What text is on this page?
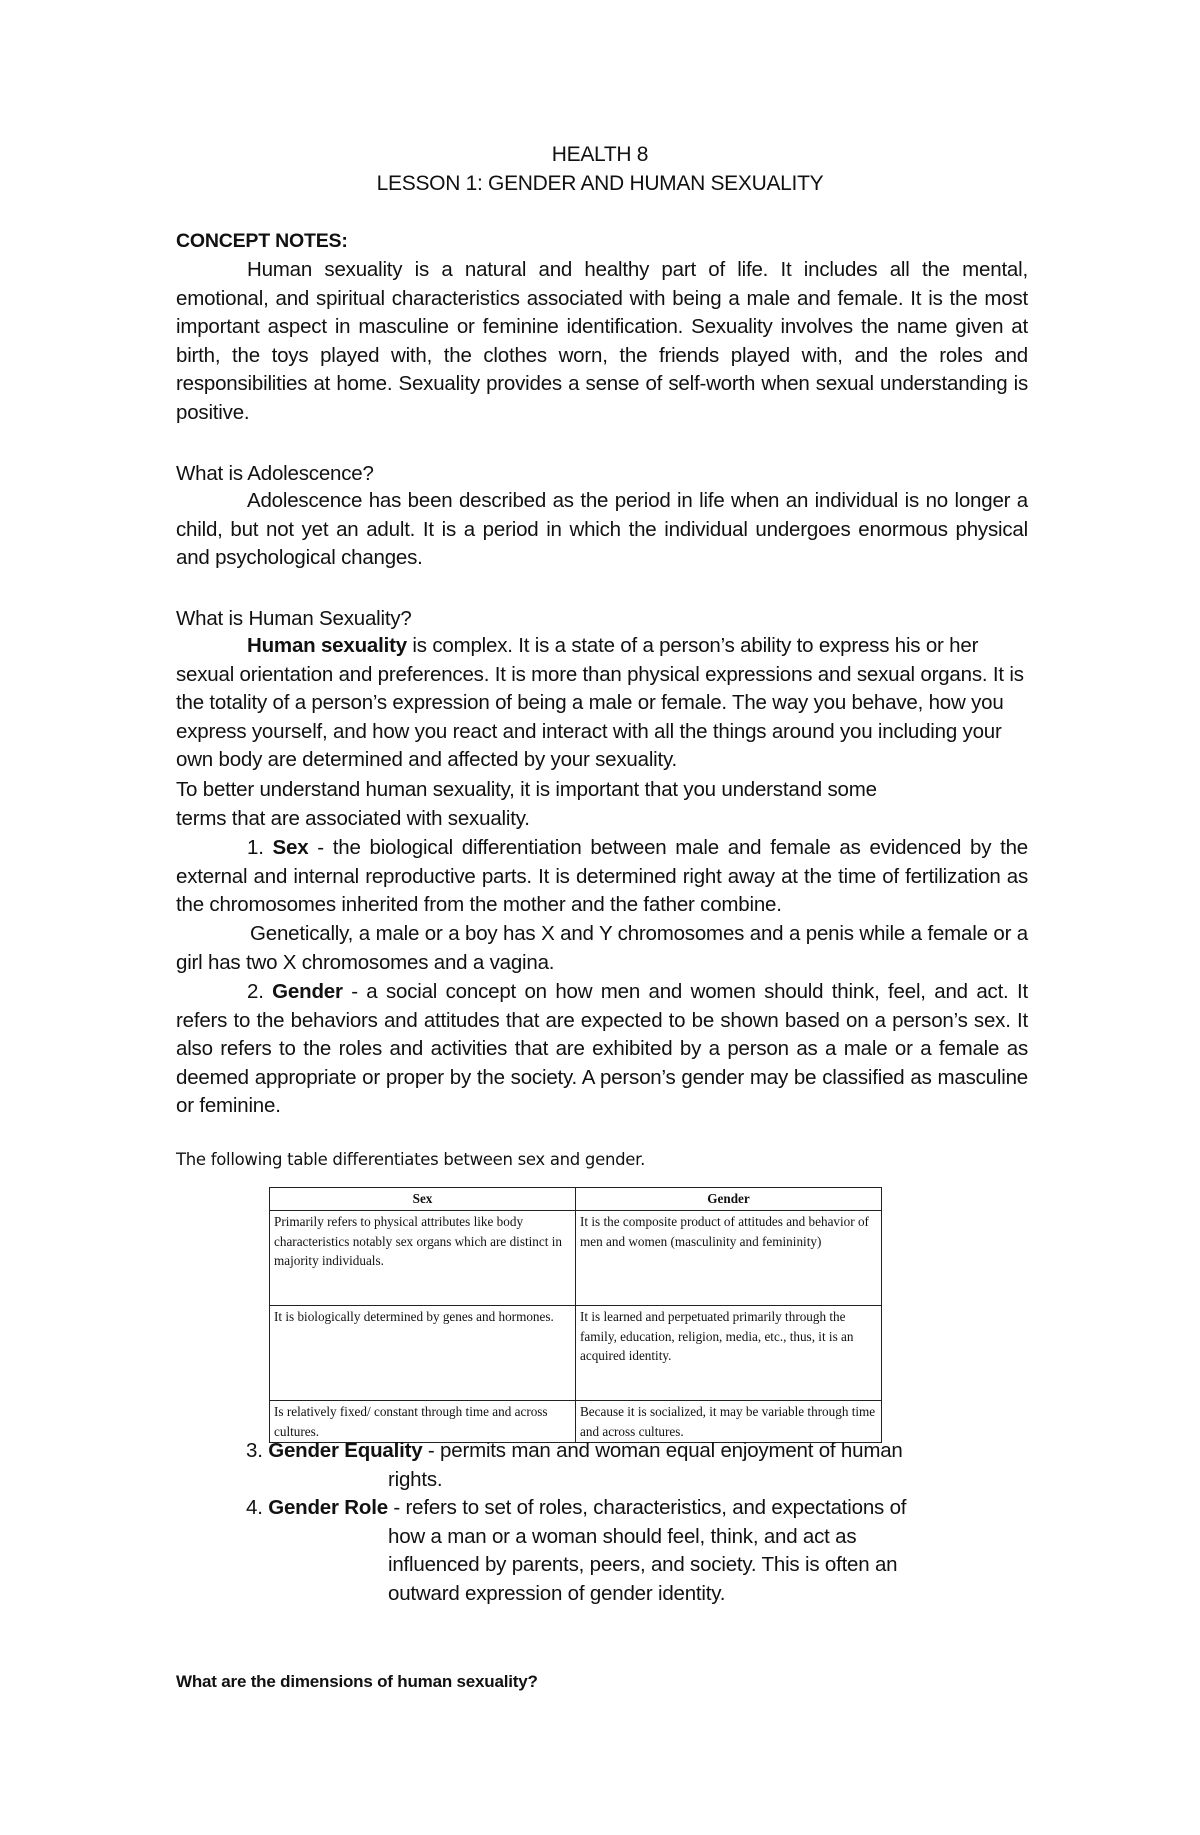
HEALTH 8
LESSON 1: GENDER AND HUMAN SEXUALITY
CONCEPT NOTES:

Human sexuality is a natural and healthy part of life. It includes all the mental, emotional, and spiritual characteristics associated with being a male and female. It is the most important aspect in masculine or feminine identification. Sexuality involves the name given at birth, the toys played with, the clothes worn, the friends played with, and the roles and responsibilities at home. Sexuality provides a sense of self-worth when sexual understanding is positive.

What is Adolescence?

Adolescence has been described as the period in life when an individual is no longer a child, but not yet an adult. It is a period in which the individual undergoes enormous physical and psychological changes.

What is Human Sexuality?

Human sexuality is complex. It is a state of a person’s ability to express his or her sexual orientation and preferences. It is more than physical expressions and sexual organs. It is the totality of a person’s expression of being a male or female. The way you behave, how you express yourself, and how you react and interact with all the things around you including your own body are determined and affected by your sexuality.

To better understand human sexuality, it is important that you understand some

terms that are associated with sexuality.

1. Sex - the biological differentiation between male and female as evidenced by the external and internal reproductive parts. It is determined right away at the time of fertilization as the chromosomes inherited from the mother and the father combine.

Genetically, a male or a boy has X and Y chromosomes and a penis while a female or a girl has two X chromosomes and a vagina.

2. Gender - a social concept on how men and women should think, feel, and act. It refers to the behaviors and attitudes that are expected to be shown based on a person’s sex. It also refers to the roles and activities that are exhibited by a person as a male or a female as deemed appropriate or proper by the society. A person’s gender may be classified as masculine or feminine.

The following table differentiates between sex and gender.
Sex	Gender
Primarily refers to physical attributes like body characteristics notably sex organs which are distinct in majority individuals.	It is the composite product of attitudes and behavior of men and women (masculinity and femininity)
It is biologically determined by genes and hormones.	It is learned and perpetuated primarily through the family, education, religion, media, etc., thus, it is an acquired identity.
Is relatively fixed/ constant through time and across cultures.	Because it is socialized, it may be variable through time and across cultures.

3. Gender Equality - permits man and woman equal enjoyment of human

rights.

4. Gender Role - refers to set of roles, characteristics, and expectations of

how a man or a woman should feel, think, and act as

influenced by parents, peers, and society. This is often an

outward expression of gender identity.

What are the dimensions of human sexuality?
